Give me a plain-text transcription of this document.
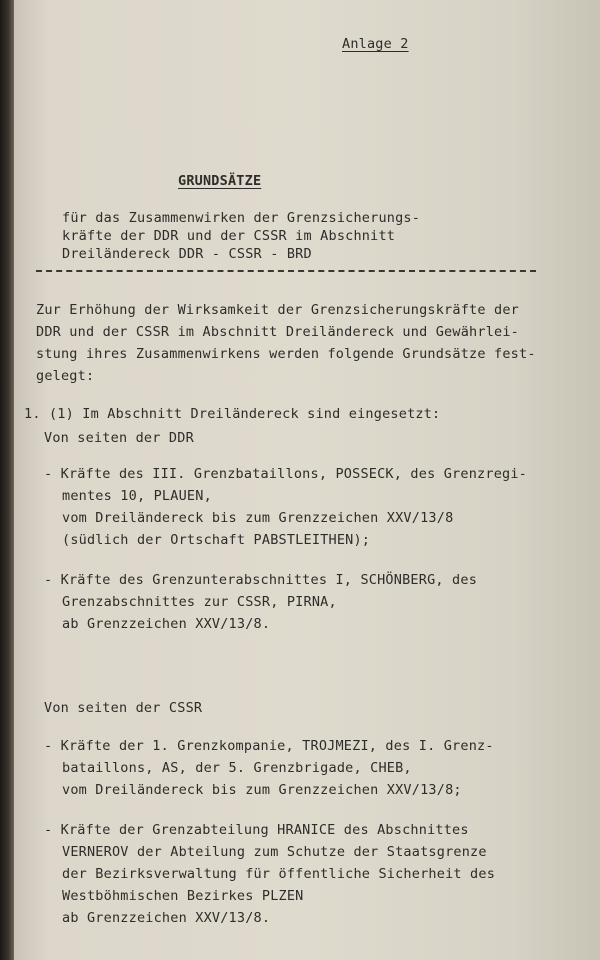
Anlage 2
GRUNDSÄTZE
für das Zusammenwirken der Grenzsicherungs-
kräfte der DDR und der CSSR im Abschnitt
Dreiländereck DDR - CSSR - BRD
Zur Erhöhung der Wirksamkeit der Grenzsicherungskräfte der
DDR und der CSSR im Abschnitt Dreiländereck und Gewährlei-
stung ihres Zusammenwirkens werden folgende Grundsätze fest-
gelegt:
1. (1) Im Abschnitt Dreiländereck sind eingesetzt:
Von seiten der DDR
- Kräfte des III. Grenzbataillons, POSSECK, des Grenzregi-
mentes 10, PLAUEN,
vom Dreiländereck bis zum Grenzzeichen XXV/13/8
(südlich der Ortschaft PABSTLEITHEN);
- Kräfte des Grenzunterabschnittes I, SCHÖNBERG, des
Grenzabschnittes zur CSSR, PIRNA,
ab Grenzzeichen XXV/13/8.
Von seiten der CSSR
- Kräfte der 1. Grenzkompanie, TROJMEZI, des I. Grenz-
bataillons, AS, der 5. Grenzbrigade, CHEB,
vom Dreiländereck bis zum Grenzzeichen XXV/13/8;
- Kräfte der Grenzabteilung HRANICE des Abschnittes
VERNEROV der Abteilung zum Schutze der Staatsgrenze
der Bezirksverwaltung für öffentliche Sicherheit des
Westböhmischen Bezirkes PLZEN
ab Grenzzeichen XXV/13/8.
